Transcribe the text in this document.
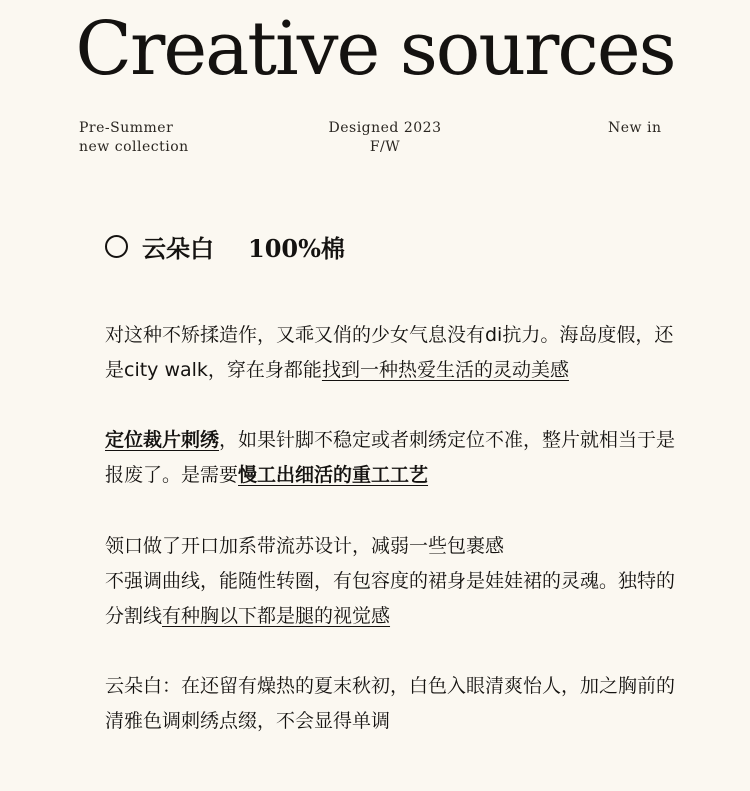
Creative sources
Pre-Summer
new collection
Designed 2023
F/W
New in
云朵白 100%棉
对这种不矫揉造作，又乖又俏的少女气息没有di抗力。海岛度假，还
是city walk，穿在身都能找到一种热爱生活的灵动美感
定位裁片刺绣，如果针脚不稳定或者刺绣定位不准，整片就相当于是
报废了。是需要慢工出细活的重工工艺
领口做了开口加系带流苏设计，减弱一些包裹感
不强调曲线，能随性转圈，有包容度的裙身是娃娃裙的灵魂。独特的
分割线有种胸以下都是腿的视觉感
云朵白：在还留有燥热的夏末秋初，白色入眼清爽怡人，加之胸前的
清雅色调刺绣点缀，不会显得单调
